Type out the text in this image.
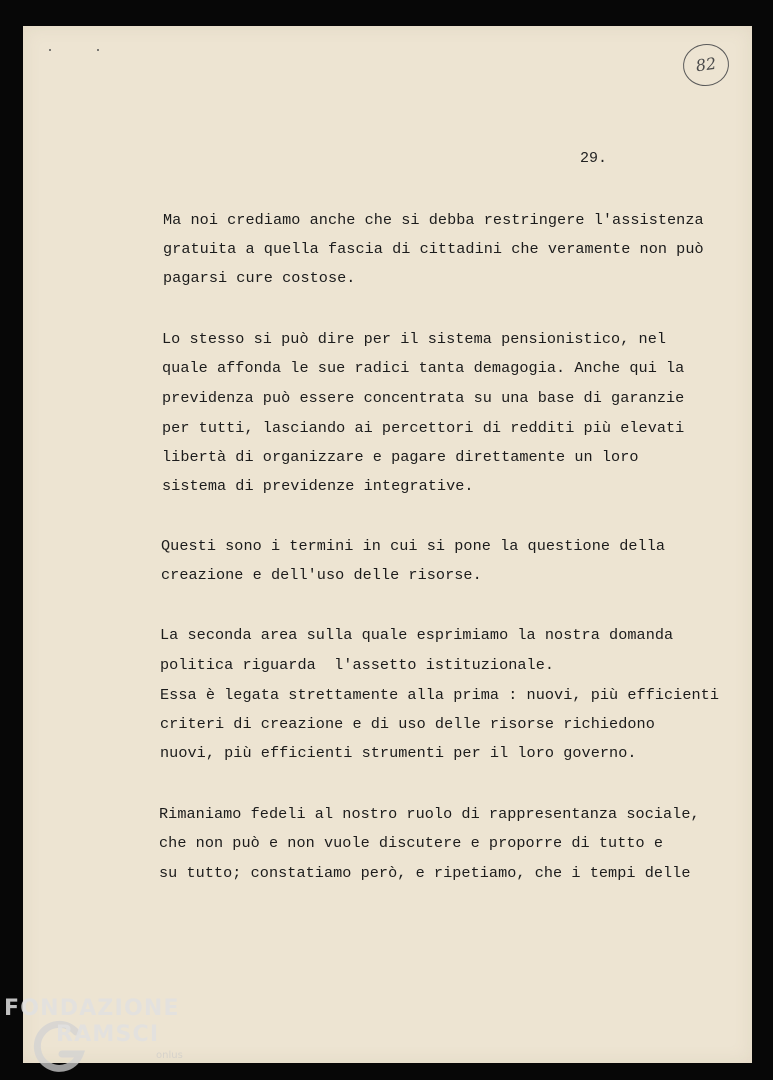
82
29.
Ma noi crediamo anche che si debba restringere l'assistenza
gratuita a quella fascia di cittadini che veramente non può
pagarsi cure costose.
Lo stesso si può dire per il sistema pensionistico, nel
quale affonda le sue radici tanta demagogia. Anche qui la
previdenza può essere concentrata su una base di garanzie
per tutti, lasciando ai percettori di redditi più elevati
libertà di organizzare e pagare direttamente un loro
sistema di previdenze integrative.
Questi sono i termini in cui si pone la questione della
creazione e dell'uso delle risorse.
La seconda area sulla quale esprimiamo la nostra domanda
politica riguarda  l'assetto istituzionale.
Essa è legata strettamente alla prima : nuovi, più efficienti
criteri di creazione e di uso delle risorse richiedono
nuovi, più efficienti strumenti per il loro governo.
Rimaniamo fedeli al nostro ruolo di rappresentanza sociale,
che non può e non vuole discutere e proporre di tutto e
su tutto; constatiamo però, e ripetiamo, che i tempi delle
FONDAZIONE
RAMSCI
onlus
